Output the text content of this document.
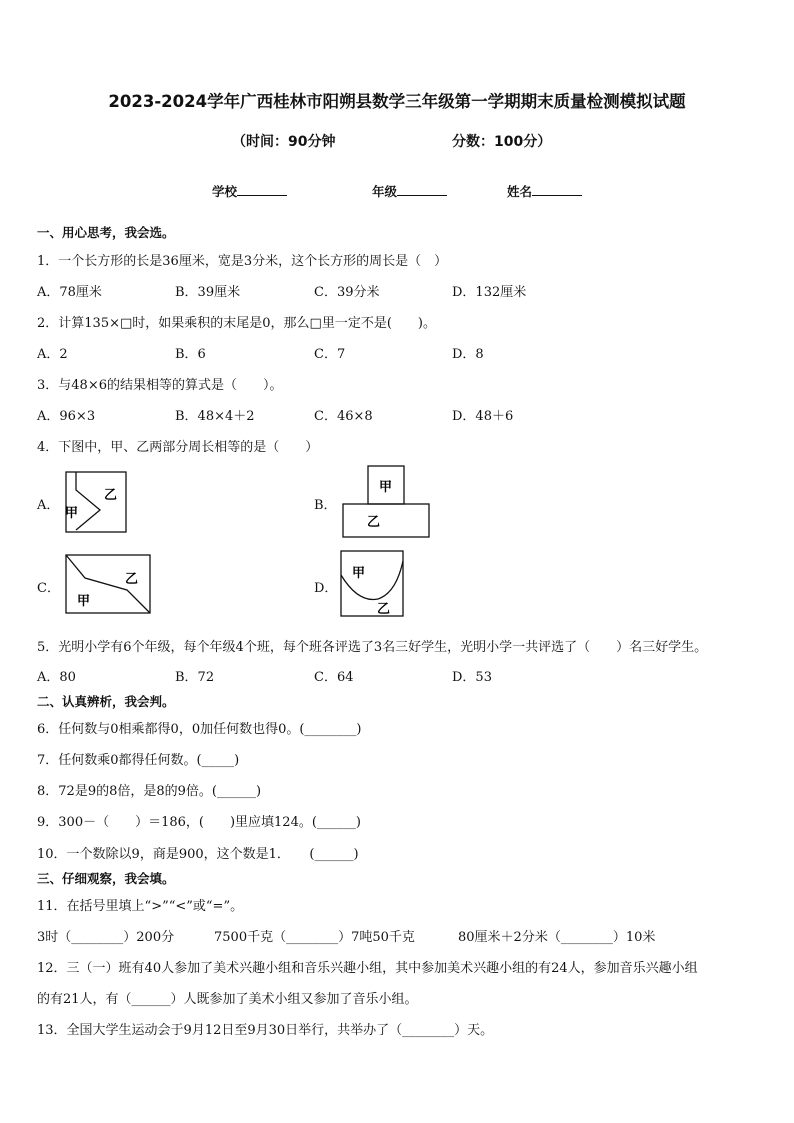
2023-2024学年广西桂林市阳朔县数学三年级第一学期期末质量检测模拟试题
（时间：90分钟	分数：100分）
学校	年级	姓名
一、用心思考，我会选。
1．一个长方形的长是36厘米，宽是3分米，这个长方形的周长是（　）
A．78厘米	B．39厘米	C．39分米	D．132厘米
2．计算135×□时，如果乘积的末尾是0，那么□里一定不是(　　)。
A．2	B．6	C．7	D．8
3．与48×6的结果相等的算式是（　　）。
A．96×3	B．48×4＋2	C．46×8	D．48＋6
4．下图中，甲、乙两部分周长相等的是（　　）
A．
乙
甲
B．
甲
乙
C．
乙
甲
D．
甲
乙
5．光明小学有6个年级，每个年级4个班，每个班各评选了3名三好学生，光明小学一共评选了（　　）名三好学生。
A．80	B．72	C．64	D．53
二、认真辨析，我会判。
6．任何数与0相乘都得0，0加任何数也得0。(________)
7．任何数乘0都得任何数。(_____)
8．72是9的8倍，是8的9倍。(______)
9．300－（　　）＝186，(　　)里应填124。(______)
10．一个数除以9，商是900，这个数是1．　　(______)
三、仔细观察，我会填。
11．在括号里填上“>”“<”或“=”。
3时（________）200分	7500千克（________）7吨50千克	80厘米＋2分米（________）10米
12．三（一）班有40人参加了美术兴趣小组和音乐兴趣小组，其中参加美术兴趣小组的有24人，参加音乐兴趣小组
的有21人，有（______）人既参加了美术小组又参加了音乐小组。
13．全国大学生运动会于9月12日至9月30日举行，共举办了（________）天。
